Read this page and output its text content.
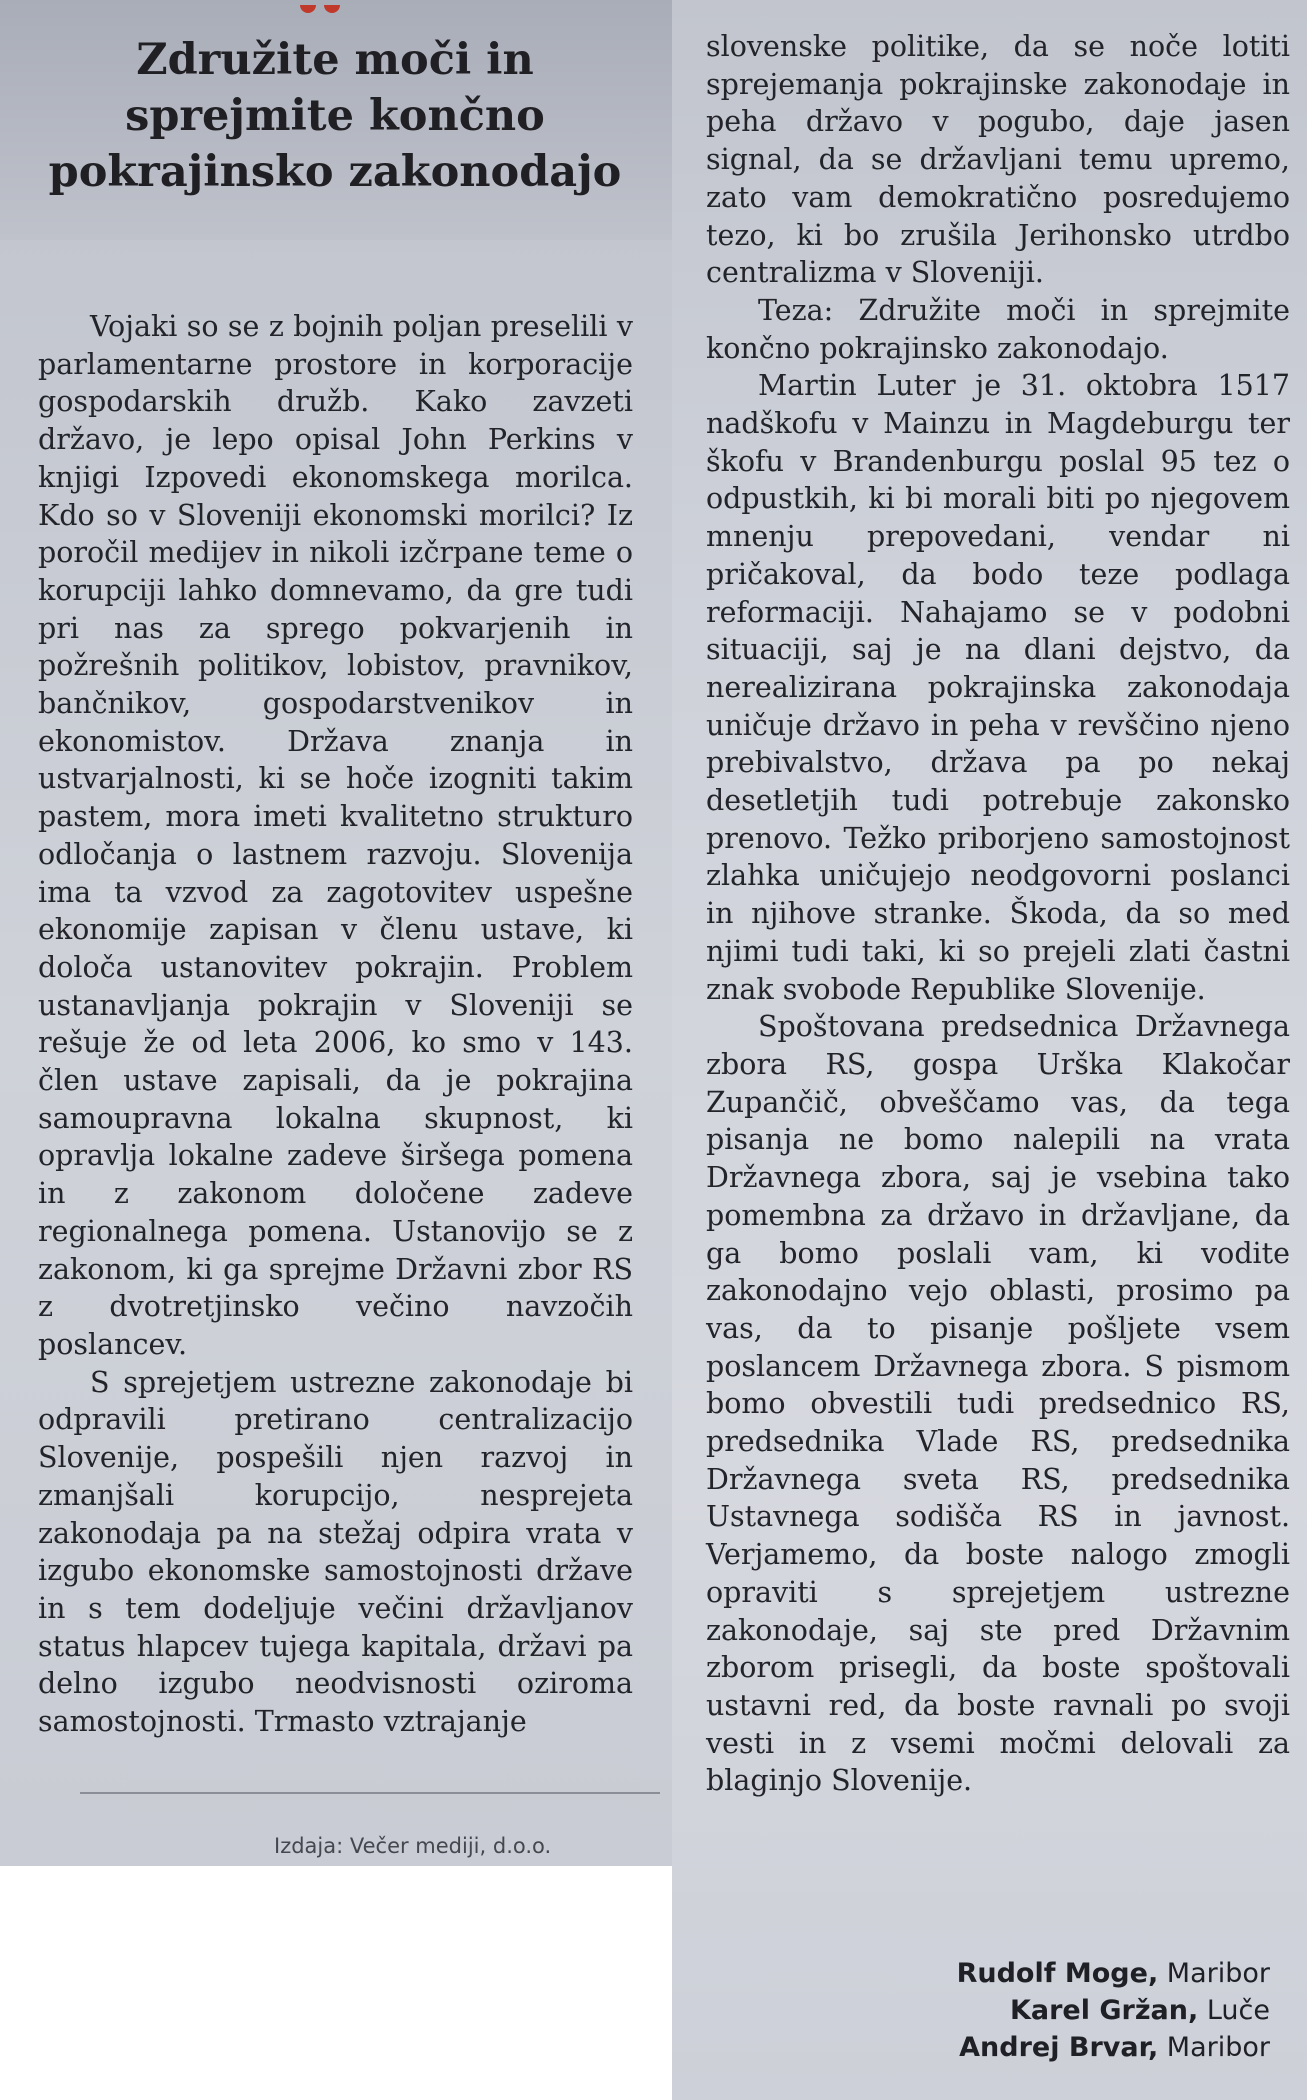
Združite moči in sprejmite končno pokrajinsko zakonodajo

Vojaki so se z bojnih poljan preselili v parlamentarne prostore in korporacije gospodarskih družb. Kako zavzeti državo, je lepo opisal John Perkins v knjigi Izpovedi ekonomskega morilca. Kdo so v Sloveniji ekonomski morilci? Iz poročil medijev in nikoli izčrpane teme o korupciji lahko domnevamo, da gre tudi pri nas za sprego pokvarjenih in požrešnih politikov, lobistov, pravnikov, bančnikov, gospodarstvenikov in ekonomistov. Država znanja in ustvarjalnosti, ki se hoče izogniti takim pastem, mora imeti kvalitetno strukturo odločanja o lastnem razvoju. Slovenija ima ta vzvod za zagotovitev uspešne ekonomije zapisan v členu ustave, ki določa ustanovitev pokrajin. Problem ustanavljanja pokrajin v Sloveniji se rešuje že od leta 2006, ko smo v 143. člen ustave zapisali, da je pokrajina samoupravna lokalna skupnost, ki opravlja lokalne zadeve širšega pomena in z zakonom določene zadeve regionalnega pomena. Ustanovijo se z zakonom, ki ga sprejme Državni zbor RS z dvotretjinsko večino navzočih poslancev.

S sprejetjem ustrezne zakonodaje bi odpravili pretirano centralizacijo Slovenije, pospešili njen razvoj in zmanjšali korupcijo, nesprejeta zakonodaja pa na stežaj odpira vrata v izgubo ekonomske samostojnosti države in s tem dodeljuje večini državljanov status hlapcev tujega kapitala, državi pa delno izgubo neodvisnosti oziroma samostojnosti. Trmasto vztrajanje

Izdaja: Večer mediji, d.o.o.

slovenske politike, da se noče lotiti sprejemanja pokrajinske zakonodaje in peha državo v pogubo, daje jasen signal, da se državljani temu upremo, zato vam demokratično posredujemo tezo, ki bo zrušila Jerihonsko utrdbo centralizma v Sloveniji.

Teza: Združite moči in sprejmite končno pokrajinsko zakonodajo.

Martin Luter je 31. oktobra 1517 nadškofu v Mainzu in Magdeburgu ter škofu v Brandenburgu poslal 95 tez o odpustkih, ki bi morali biti po njegovem mnenju prepovedani, vendar ni pričakoval, da bodo teze podlaga reformaciji. Nahajamo se v podobni situaciji, saj je na dlani dejstvo, da nerealizirana pokrajinska zakonodaja uničuje državo in peha v revščino njeno prebivalstvo, država pa po nekaj desetletjih tudi potrebuje zakonsko prenovo. Težko priborjeno samostojnost zlahka uničujejo neodgovorni poslanci in njihove stranke. Škoda, da so med njimi tudi taki, ki so prejeli zlati častni znak svobode Republike Slovenije.

Spoštovana predsednica Državnega zbora RS, gospa Urška Klakočar Zupančič, obveščamo vas, da tega pisanja ne bomo nalepili na vrata Državnega zbora, saj je vsebina tako pomembna za državo in državljane, da ga bomo poslali vam, ki vodite zakonodajno vejo oblasti, prosimo pa vas, da to pisanje pošljete vsem poslancem Državnega zbora. S pismom bomo obvestili tudi predsednico RS, predsednika Vlade RS, predsednika Državnega sveta RS, predsednika Ustavnega sodišča RS in javnost. Verjamemo, da boste nalogo zmogli opraviti s sprejetjem ustrezne zakonodaje, saj ste pred Državnim zborom prisegli, da boste spoštovali ustavni red, da boste ravnali po svoji vesti in z vsemi močmi delovali za blaginjo Slovenije.

Rudolf Moge, Maribor
Karel Gržan, Luče
Andrej Brvar, Maribor
